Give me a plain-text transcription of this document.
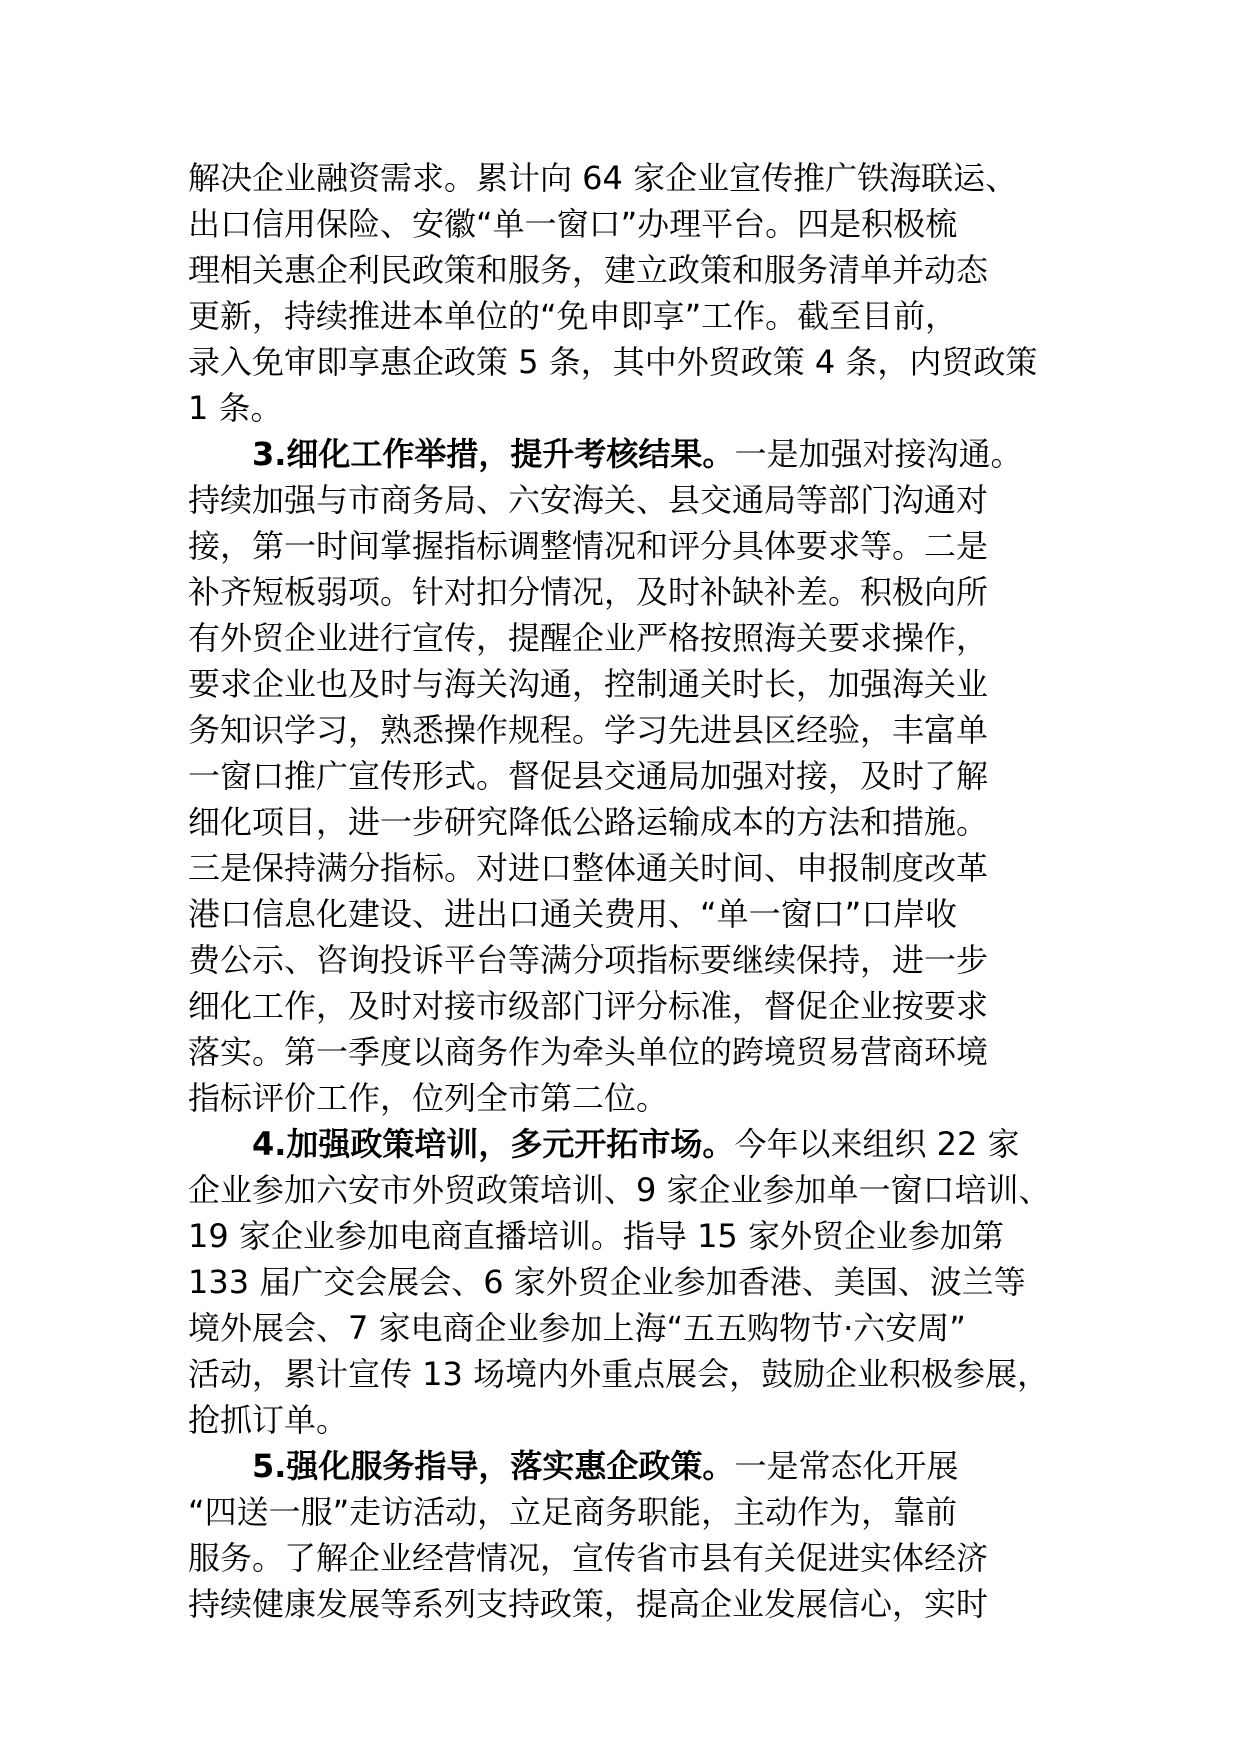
解决企业融资需求。累计向 64 家企业宣传推广铁海联运、
出口信用保险、安徽“单一窗口”办理平台。四是积极梳
理相关惠企利民政策和服务，建立政策和服务清单并动态
更新，持续推进本单位的“免申即享”工作。截至目前，
录入免审即享惠企政策 5 条，其中外贸政策 4 条，内贸政策
1 条。

3.细化工作举措，提升考核结果。一是加强对接沟通。
持续加强与市商务局、六安海关、县交通局等部门沟通对
接，第一时间掌握指标调整情况和评分具体要求等。二是
补齐短板弱项。针对扣分情况，及时补缺补差。积极向所
有外贸企业进行宣传，提醒企业严格按照海关要求操作，
要求企业也及时与海关沟通，控制通关时长，加强海关业
务知识学习，熟悉操作规程。学习先进县区经验，丰富单
一窗口推广宣传形式。督促县交通局加强对接，及时了解
细化项目，进一步研究降低公路运输成本的方法和措施。
三是保持满分指标。对进口整体通关时间、申报制度改革
港口信息化建设、进出口通关费用、“单一窗口”口岸收
费公示、咨询投诉平台等满分项指标要继续保持，进一步
细化工作，及时对接市级部门评分标准，督促企业按要求
落实。第一季度以商务作为牵头单位的跨境贸易营商环境
指标评价工作，位列全市第二位。

4.加强政策培训，多元开拓市场。今年以来组织 22 家
企业参加六安市外贸政策培训、9 家企业参加单一窗口培训、
19 家企业参加电商直播培训。指导 15 家外贸企业参加第
133 届广交会展会、6 家外贸企业参加香港、美国、波兰等
境外展会、7 家电商企业参加上海“五五购物节·六安周”
活动，累计宣传 13 场境内外重点展会，鼓励企业积极参展，
抢抓订单。

5.强化服务指导，落实惠企政策。一是常态化开展
“四送一服”走访活动，立足商务职能，主动作为，靠前
服务。了解企业经营情况，宣传省市县有关促进实体经济
持续健康发展等系列支持政策，提高企业发展信心，实时
